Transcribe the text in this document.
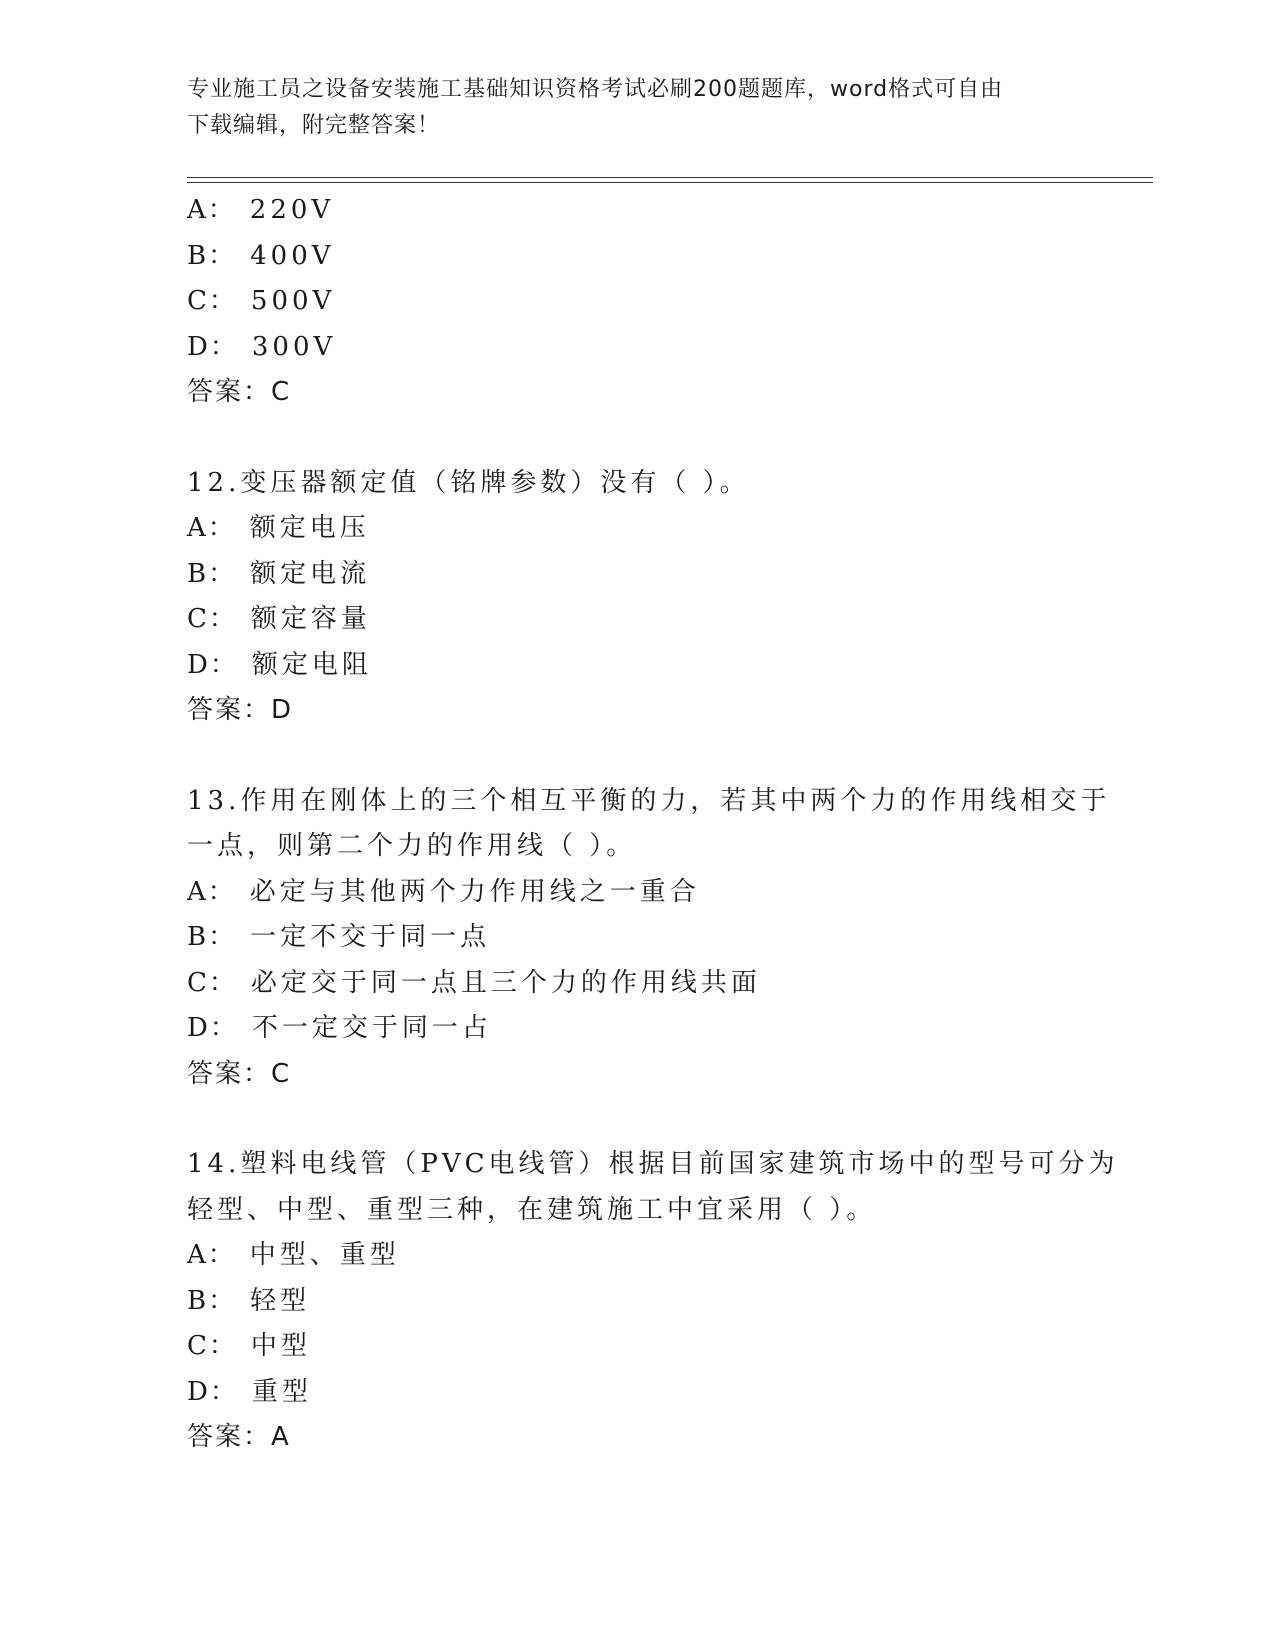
专业施工员之设备安装施工基础知识资格考试必刷200题题库，word格式可自由
下载编辑，附完整答案！
A： 220V
B： 400V
C： 500V
D： 300V
答案：C
12.变压器额定值（铭牌参数）没有（ ）。
A： 额定电压
B： 额定电流
C： 额定容量
D： 额定电阻
答案：D
13.作用在刚体上的三个相互平衡的力，若其中两个力的作用线相交于
一点，则第二个力的作用线（ ）。
A： 必定与其他两个力作用线之一重合
B： 一定不交于同一点
C： 必定交于同一点且三个力的作用线共面
D： 不一定交于同一占
答案：C
14.塑料电线管（PVC电线管）根据目前国家建筑市场中的型号可分为
轻型、中型、重型三种，在建筑施工中宜采用（ ）。
A： 中型、重型
B： 轻型
C： 中型
D： 重型
答案：A
